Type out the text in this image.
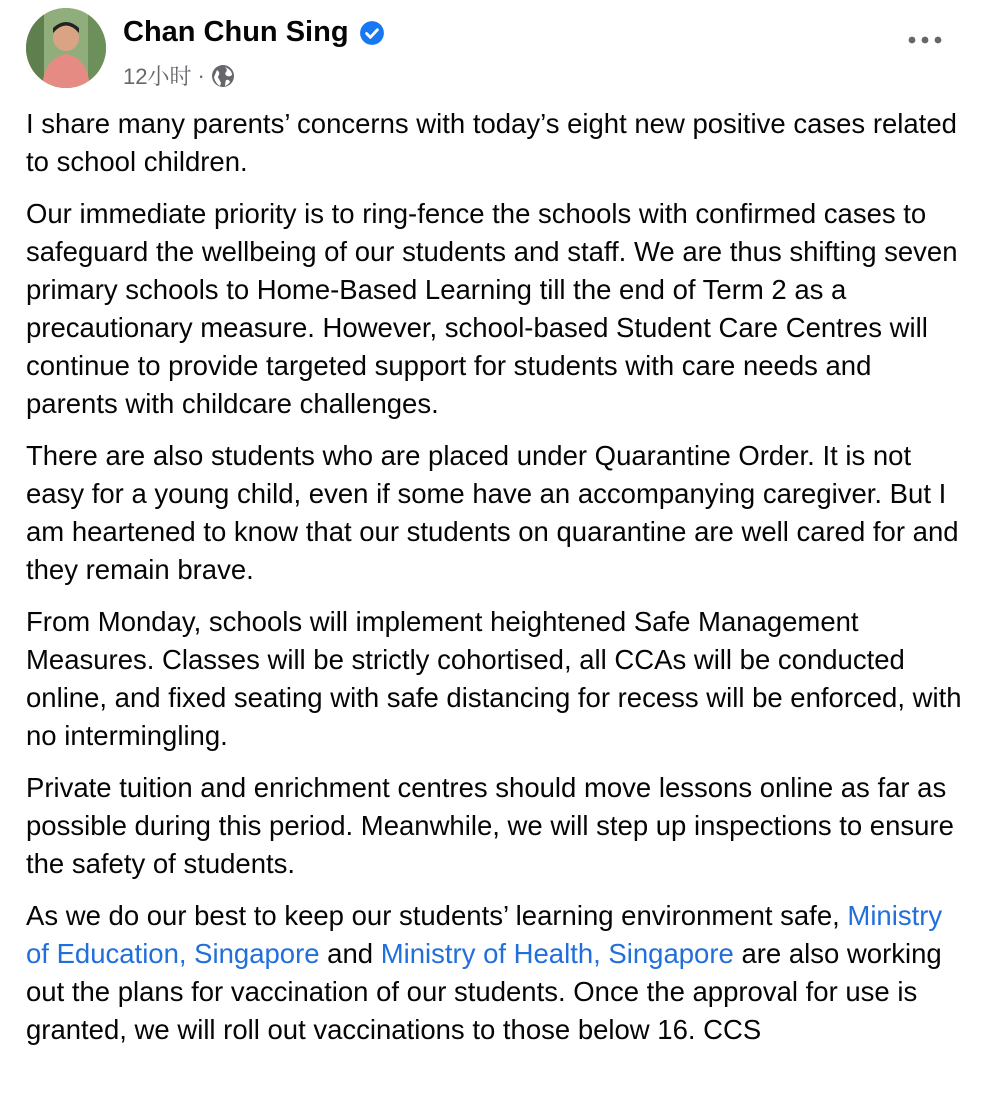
Chan Chun Sing
12小时 ·

I share many parents’ concerns with today’s eight new positive cases related to school children.

Our immediate priority is to ring-fence the schools with confirmed cases to safeguard the wellbeing of our students and staff. We are thus shifting seven primary schools to Home-Based Learning till the end of Term 2 as a precautionary measure. However, school-based Student Care Centres will continue to provide targeted support for students with care needs and parents with childcare challenges.

There are also students who are placed under Quarantine Order. It is not easy for a young child, even if some have an accompanying caregiver. But I am heartened to know that our students on quarantine are well cared for and they remain brave.

From Monday, schools will implement heightened Safe Management Measures. Classes will be strictly cohortised, all CCAs will be conducted online, and fixed seating with safe distancing for recess will be enforced, with no intermingling.

Private tuition and enrichment centres should move lessons online as far as possible during this period. Meanwhile, we will step up inspections to ensure the safety of students.

As we do our best to keep our students’ learning environment safe, Ministry of Education, Singapore and Ministry of Health, Singapore are also working out the plans for vaccination of our students. Once the approval for use is granted, we will roll out vaccinations to those below 16. CCS
